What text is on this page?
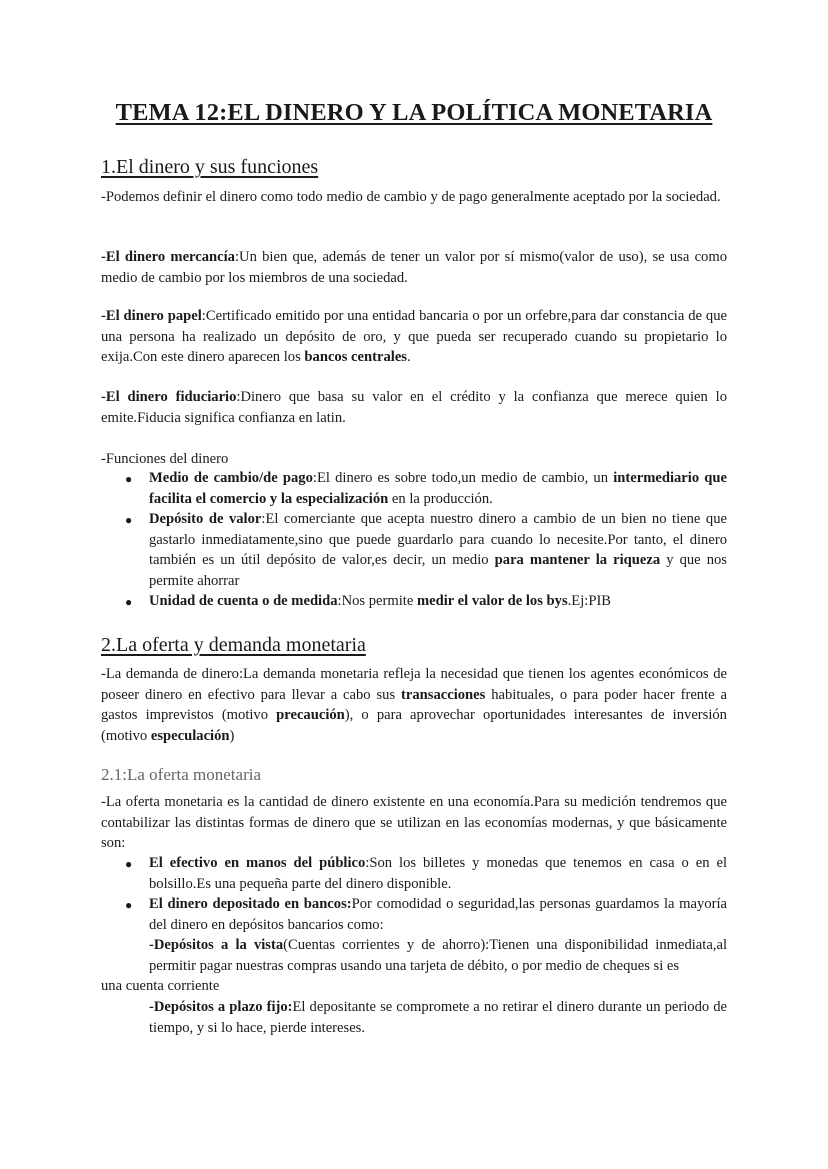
TEMA 12:EL DINERO Y LA POLÍTICA MONETARIA
1.El dinero y sus funciones
-Podemos definir el dinero como todo medio de cambio y de pago generalmente aceptado por la sociedad.
-El dinero mercancía:Un bien que, además de tener un valor por sí mismo(valor de uso), se usa como medio de cambio por los miembros de una sociedad.
-El dinero papel:Certificado emitido por una entidad bancaria o por un orfebre,para dar constancia de que una persona ha realizado un depósito de oro, y que pueda ser recuperado cuando su propietario lo exija.Con este dinero aparecen los bancos centrales.
-El dinero fiduciario:Dinero que basa su valor en el crédito y la confianza que merece quien lo emite.Fiducia significa confianza en latin.
-Funciones del dinero
● Medio de cambio/de pago:El dinero es sobre todo,un medio de cambio, un intermediario que facilita el comercio y la especialización en la producción.
● Depósito de valor:El comerciante que acepta nuestro dinero a cambio de un bien no tiene que gastarlo inmediatamente,sino que puede guardarlo para cuando lo necesite.Por tanto, el dinero también es un útil depósito de valor,es decir, un medio para mantener la riqueza y que nos permite ahorrar
● Unidad de cuenta o de medida:Nos permite medir el valor de los bys.Ej:PIB
2.La oferta y demanda monetaria
-La demanda de dinero:La demanda monetaria refleja la necesidad que tienen los agentes económicos de poseer dinero en efectivo para llevar a cabo sus transacciones habituales, o para poder hacer frente a gastos imprevistos (motivo precaución), o para aprovechar oportunidades interesantes de inversión (motivo especulación)
2.1:La oferta monetaria
-La oferta monetaria es la cantidad de dinero existente en una economía.Para su medición tendremos que contabilizar las distintas formas de dinero que se utilizan en las economías modernas, y que básicamente son:
● El efectivo en manos del público:Son los billetes y monedas que tenemos en casa o en el bolsillo.Es una pequeña parte del dinero disponible.
● El dinero depositado en bancos:Por comodidad o seguridad,las personas guardamos la mayoría del dinero en depósitos bancarios como:
-Depósitos a la vista(Cuentas corrientes y de ahorro):Tienen una disponibilidad inmediata,al permitir pagar nuestras compras usando una tarjeta de débito, o por medio de cheques si es
una cuenta corriente
-Depósitos a plazo fijo:El depositante se compromete a no retirar el dinero durante un periodo de tiempo, y si lo hace, pierde intereses.
